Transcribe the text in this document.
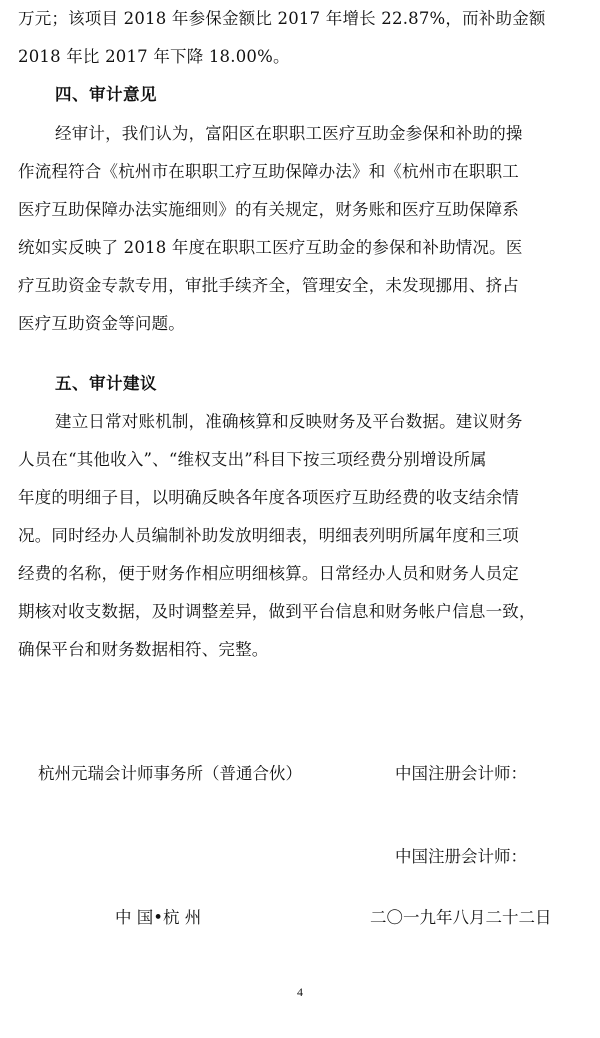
万元；该项目 2018 年参保金额比 2017 年增长 22.87%，而补助金额
2018 年比 2017 年下降 18.00%。
四、审计意见
经审计，我们认为，富阳区在职职工医疗互助金参保和补助的操
作流程符合《杭州市在职职工疗互助保障办法》和《杭州市在职职工
医疗互助保障办法实施细则》的有关规定，财务账和医疗互助保障系
统如实反映了 2018 年度在职职工医疗互助金的参保和补助情况。医
疗互助资金专款专用，审批手续齐全，管理安全，未发现挪用、挤占
医疗互助资金等问题。
五、审计建议
建立日常对账机制，准确核算和反映财务及平台数据。建议财务
人员在“其他收入”、“维权支出”科目下按三项经费分别增设所属
年度的明细子目，以明确反映各年度各项医疗互助经费的收支结余情
况。同时经办人员编制补助发放明细表，明细表列明所属年度和三项
经费的名称，便于财务作相应明细核算。日常经办人员和财务人员定
期核对收支数据，及时调整差异，做到平台信息和财务帐户信息一致，
确保平台和财务数据相符、完整。
杭州元瑞会计师事务所（普通合伙）	中国注册会计师：
中国注册会计师：
中 国•杭 州	二〇一九年八月二十二日
4
